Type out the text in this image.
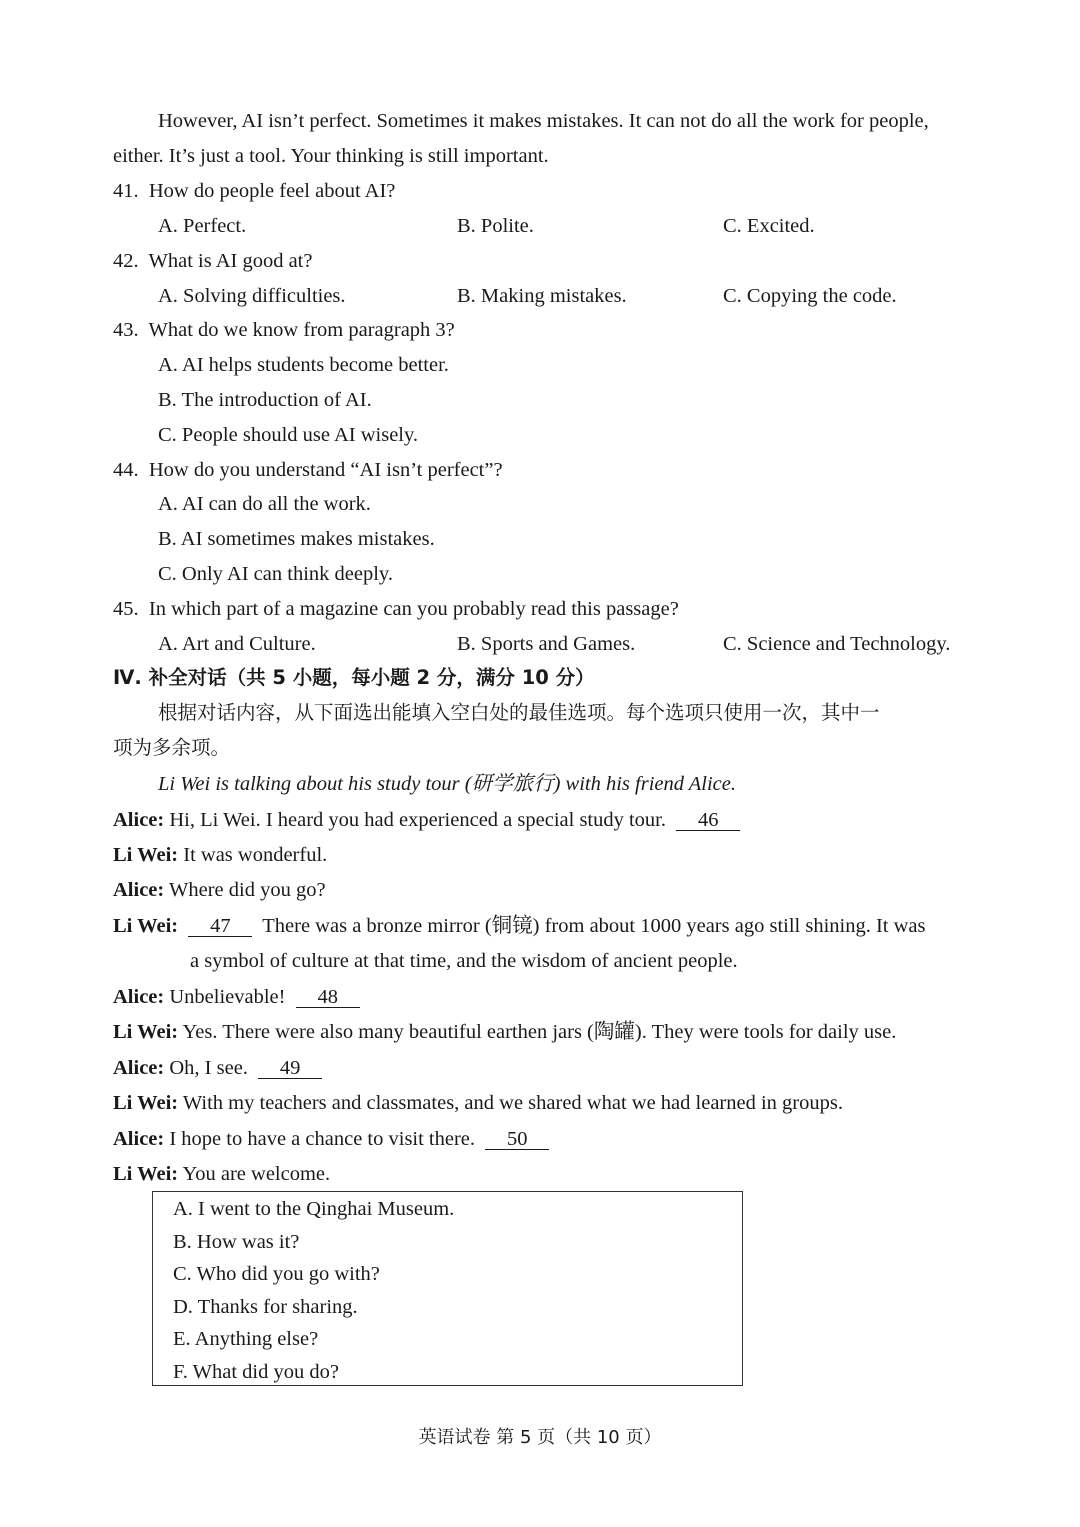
However, AI isn’t perfect. Sometimes it makes mistakes. It can not do all the work for people,
either. It’s just a tool. Your thinking is still important.
41. How do people feel about AI?
A. Perfect.	B. Polite.	C. Excited.
42. What is AI good at?
A. Solving difficulties.	B. Making mistakes.	C. Copying the code.
43. What do we know from paragraph 3?
A. AI helps students become better.
B. The introduction of AI.
C. People should use AI wisely.
44. How do you understand “AI isn’t perfect”?
A. AI can do all the work.
B. AI sometimes makes mistakes.
C. Only AI can think deeply.
45. In which part of a magazine can you probably read this passage?
A. Art and Culture.	B. Sports and Games.	C. Science and Technology.
Ⅳ. 补全对话（共 5 小题，每小题 2 分，满分 10 分）
根据对话内容，从下面选出能填入空白处的最佳选项。每个选项只使用一次，其中一
项为多余项。
Li Wei is talking about his study tour (研学旅行) with his friend Alice.
Alice: Hi, Li Wei. I heard you had experienced a special study tour. 46
Li Wei: It was wonderful.
Alice: Where did you go?
Li Wei: 47 There was a bronze mirror (铜镜) from about 1000 years ago still shining. It was
a symbol of culture at that time, and the wisdom of ancient people.
Alice: Unbelievable! 48
Li Wei: Yes. There were also many beautiful earthen jars (陶罐). They were tools for daily use.
Alice: Oh, I see. 49
Li Wei: With my teachers and classmates, and we shared what we had learned in groups.
Alice: I hope to have a chance to visit there. 50
Li Wei: You are welcome.
A. I went to the Qinghai Museum.
B. How was it?
C. Who did you go with?
D. Thanks for sharing.
E. Anything else?
F. What did you do?
英语试卷 第 5 页（共 10 页）
